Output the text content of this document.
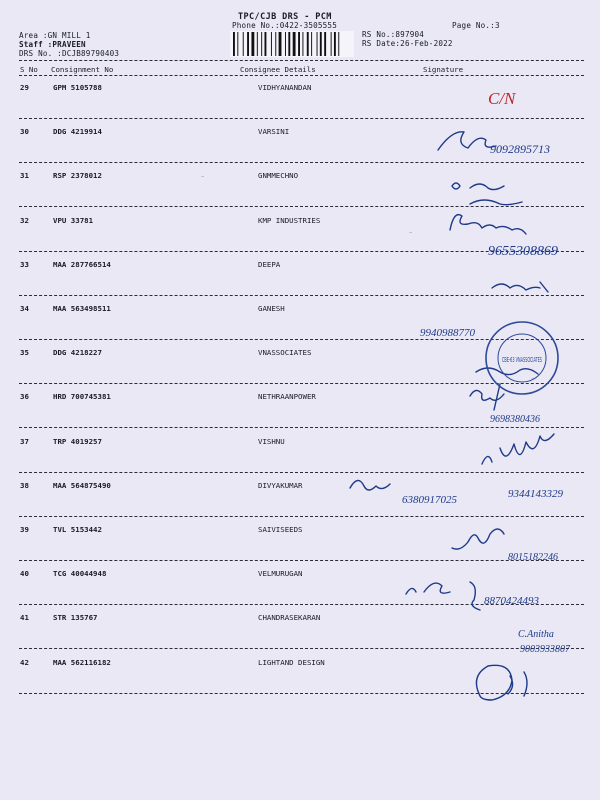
TPC/CJB DRS - PCM
Phone No.:0422-3505555	Page No.:3
Area :GN MILL 1
Staff :PRAVEEN
DRS No. :DCJB89790403
RS No.:897904
RS Date:26-Feb-2022
S No Consignment No	Consignee Details	Signature
29	GPM 5105788	VIDHYANANDAN
30	DDG 4219914	VARSINI
31	RSP 2378012	GNMMECHNO
32	VPU 33781	KMP INDUSTRIES
33	MAA 287766514	DEEPA
34	MAA 563498511	GANESH
35	DDG 4218227	VNASSOCIATES
36	HRD 700745381	NETHRAANPOWER
37	TRP 4019257	VISHNU
38	MAA 564875490	DIVYAKUMAR
39	TVL 5153442	SAIVISEEDS
40	TCG 40044948	VELMURUGAN
41	STR 135767	CHANDRASEKARAN
42	MAA 562116182	LIGHTAND DESIGN
˘
˘
˘
9092895713
9655308869
9940988770
9698380436
6380917025	9344143329
8015182246
8870424493
C.Anitha
9003933807
C/N
CBE-63 VNASSOCIATES
